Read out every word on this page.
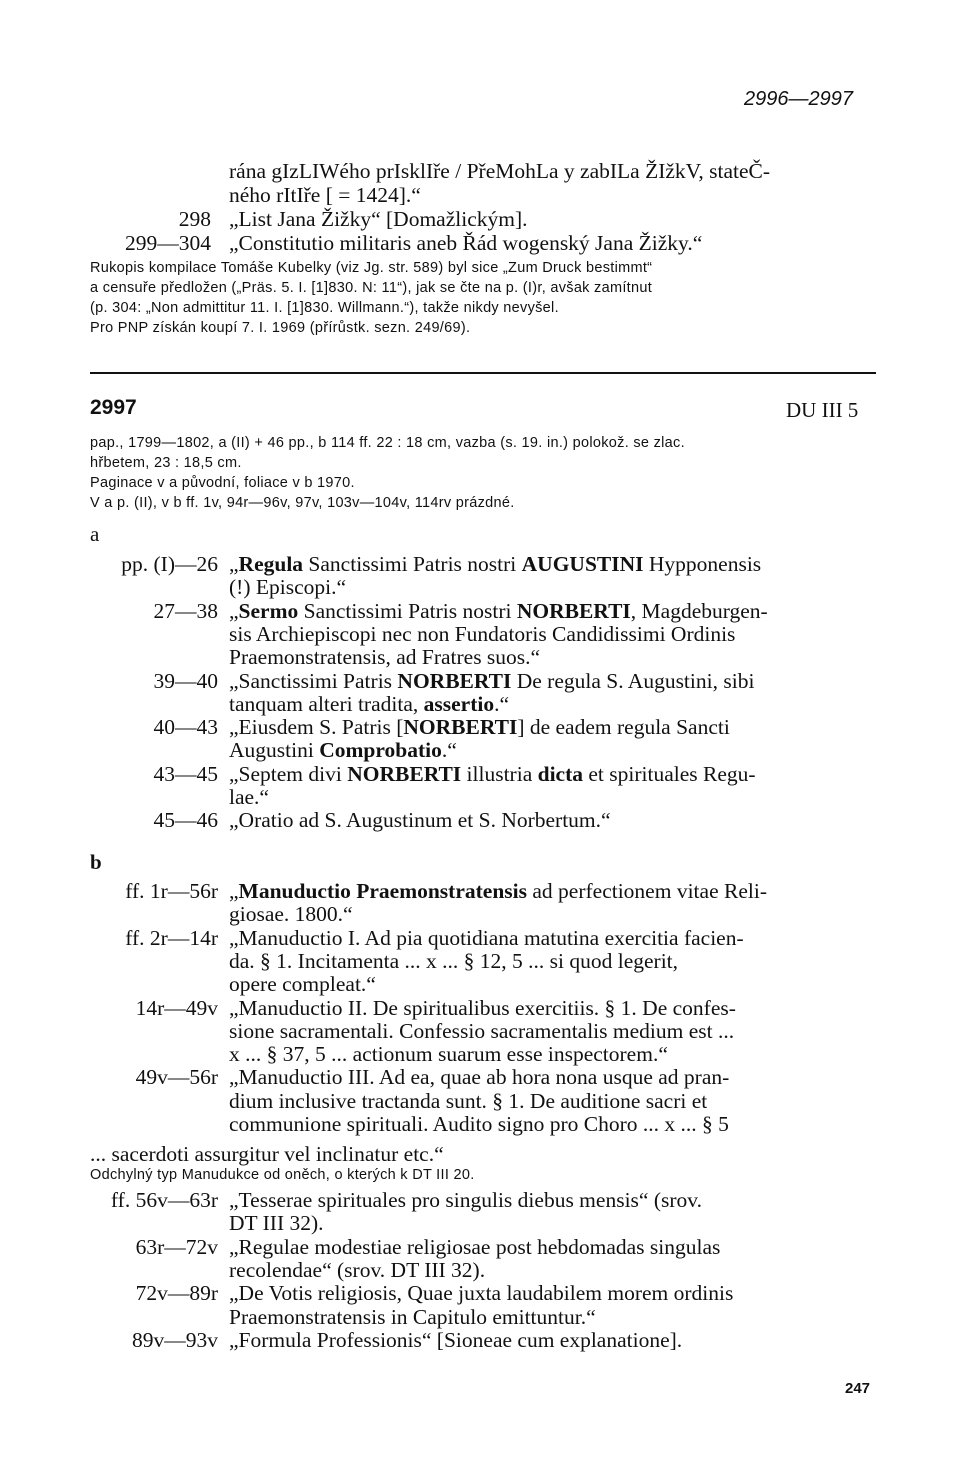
2996—2997
rána gIzLIWého prIsklIře / PřeMohLa y zabILa ŽIžkV, stateČ-
ného rItIře [ = 1424].“
298 „List Jana Žižky“ [Domažlickým].
299—304 „Constitutio militaris aneb Řád wogenský Jana Žižky.“
Rukopis kompilace Tomáše Kubelky (viz Jg. str. 589) byl sice „Zum Druck bestimmt“
a censuře předložen („Präs. 5. I. [1]830. N: 11“), jak se čte na p. (I)r, avšak zamítnut
(p. 304: „Non admittitur 11. I. [1]830. Willmann.“), takže nikdy nevyšel.
Pro PNP získán koupí 7. I. 1969 (přírůstk. sezn. 249/69).
2997	DU III 5
pap., 1799—1802, a (II) + 46 pp., b 114 ff. 22 : 18 cm, vazba (s. 19. in.) polokož. se zlac.
hřbetem, 23 : 18,5 cm.
Paginace v a původní, foliace v b 1970.
V a p. (II), v b ff. 1v, 94r—96v, 97v, 103v—104v, 114rv prázdné.
a
pp. (I)—26 „Regula Sanctissimi Patris nostri AUGUSTINI Hypponensis
(!) Episcopi.“
27—38 „Sermo Sanctissimi Patris nostri NORBERTI, Magdeburgen-
sis Archiepiscopi nec non Fundatoris Candidissimi Ordinis
Praemonstratensis, ad Fratres suos.“
39—40 „Sanctissimi Patris NORBERTI De regula S. Augustini, sibi
tanquam alteri tradita, assertio.“
40—43 „Eiusdem S. Patris [NORBERTI] de eadem regula Sancti
Augustini Comprobatio.“
43—45 „Septem divi NORBERTI illustria dicta et spirituales Regu-
lae.“
45—46 „Oratio ad S. Augustinum et S. Norbertum.“
b
ff. 1r—56r „Manuductio Praemonstratensis ad perfectionem vitae Reli-
giosae. 1800.“
ff. 2r—14r „Manuductio I. Ad pia quotidiana matutina exercitia facien-
da. § 1. Incitamenta ... x ... § 12, 5 ... si quod legerit,
opere compleat.“
14r—49v „Manuductio II. De spiritualibus exercitiis. § 1. De confes-
sione sacramentali. Confessio sacramentalis medium est ...
x ... § 37, 5 ... actionum suarum esse inspectorem.“
49v—56r „Manuductio III. Ad ea, quae ab hora nona usque ad pran-
dium inclusive tractanda sunt. § 1. De auditione sacri et
communione spirituali. Audito signo pro Choro ... x ... § 5
... sacerdoti assurgitur vel inclinatur etc.“
Odchylný typ Manudukce od oněch, o kterých k DT III 20.
ff. 56v—63r „Tesserae spirituales pro singulis diebus mensis“ (srov.
DT III 32).
63r—72v „Regulae modestiae religiosae post hebdomadas singulas
recolendae“ (srov. DT III 32).
72v—89r „De Votis religiosis, Quae juxta laudabilem morem ordinis
Praemonstratensis in Capitulo emittuntur.“
89v—93v „Formula Professionis“ [Sioneae cum explanatione].
247
